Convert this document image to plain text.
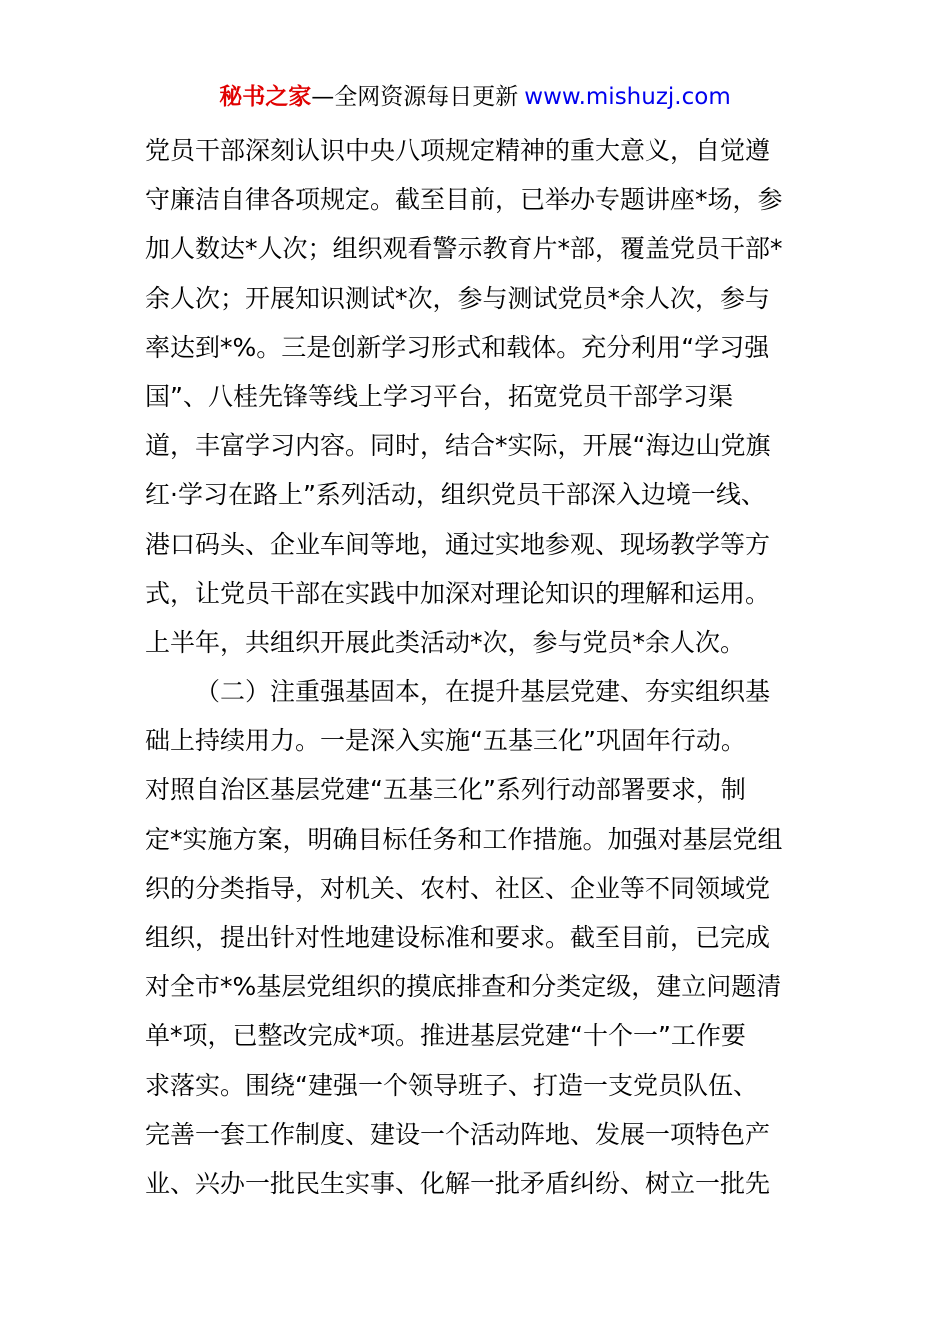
秘书之家—全网资源每日更新 www.mishuzj.com
党员干部深刻认识中央八项规定精神的重大意义，自觉遵
守廉洁自律各项规定。截至目前，已举办专题讲座*场，参
加人数达*人次；组织观看警示教育片*部，覆盖党员干部*
余人次；开展知识测试*次，参与测试党员*余人次，参与
率达到*%。三是创新学习形式和载体。充分利用“学习强
国”、八桂先锋等线上学习平台，拓宽党员干部学习渠
道，丰富学习内容。同时，结合*实际，开展“海边山党旗
红·学习在路上”系列活动，组织党员干部深入边境一线、
港口码头、企业车间等地，通过实地参观、现场教学等方
式，让党员干部在实践中加深对理论知识的理解和运用。
上半年，共组织开展此类活动*次，参与党员*余人次。
（二）注重强基固本，在提升基层党建、夯实组织基
础上持续用力。一是深入实施“五基三化”巩固年行动。
对照自治区基层党建“五基三化”系列行动部署要求，制
定*实施方案，明确目标任务和工作措施。加强对基层党组
织的分类指导，对机关、农村、社区、企业等不同领域党
组织，提出针对性地建设标准和要求。截至目前，已完成
对全市*%基层党组织的摸底排查和分类定级，建立问题清
单*项，已整改完成*项。推进基层党建“十个一”工作要
求落实。围绕“建强一个领导班子、打造一支党员队伍、
完善一套工作制度、建设一个活动阵地、发展一项特色产
业、兴办一批民生实事、化解一批矛盾纠纷、树立一批先
